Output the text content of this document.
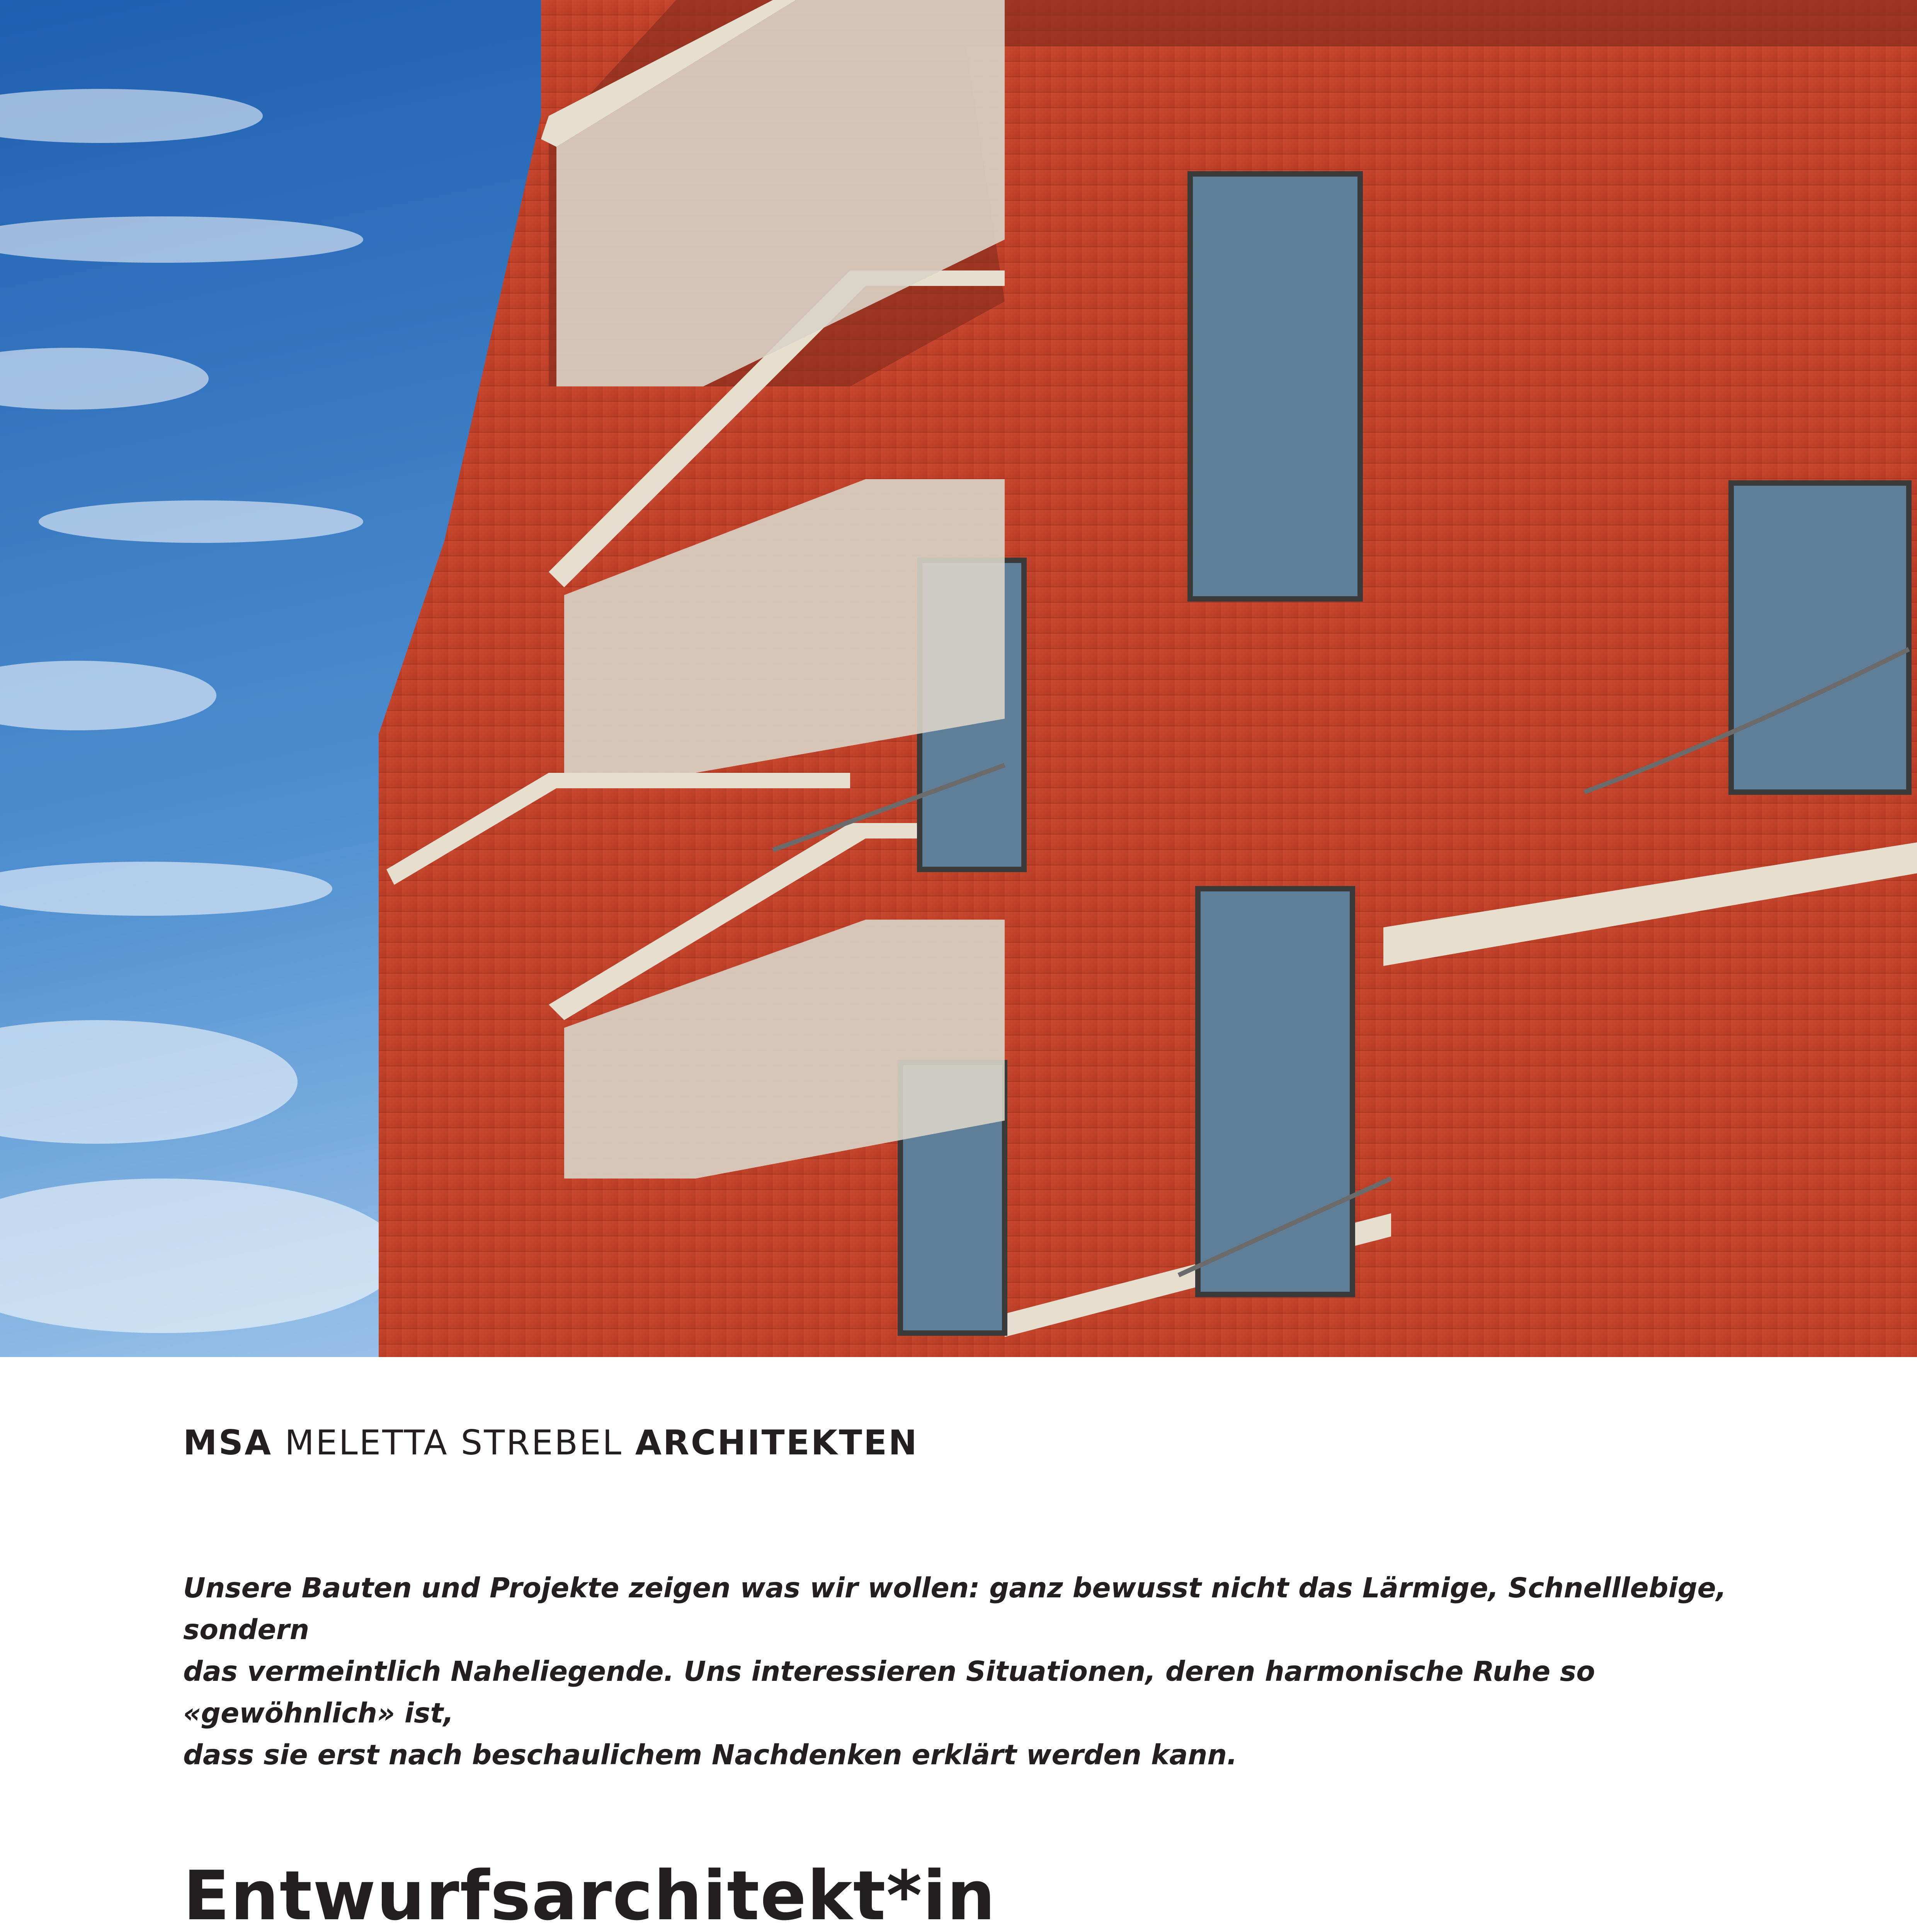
MSA MELETTA STREBEL ARCHITEKTEN

Unsere Bauten und Projekte zeigen was wir wollen: ganz bewusst nicht das Lärmige, Schnelllebige, sondern
das vermeintlich Naheliegende. Uns interessieren Situationen, deren harmonische Ruhe so «gewöhnlich» ist,
dass sie erst nach beschaulichem Nachdenken erklärt werden kann.

Entwurfsarchitekt*in
